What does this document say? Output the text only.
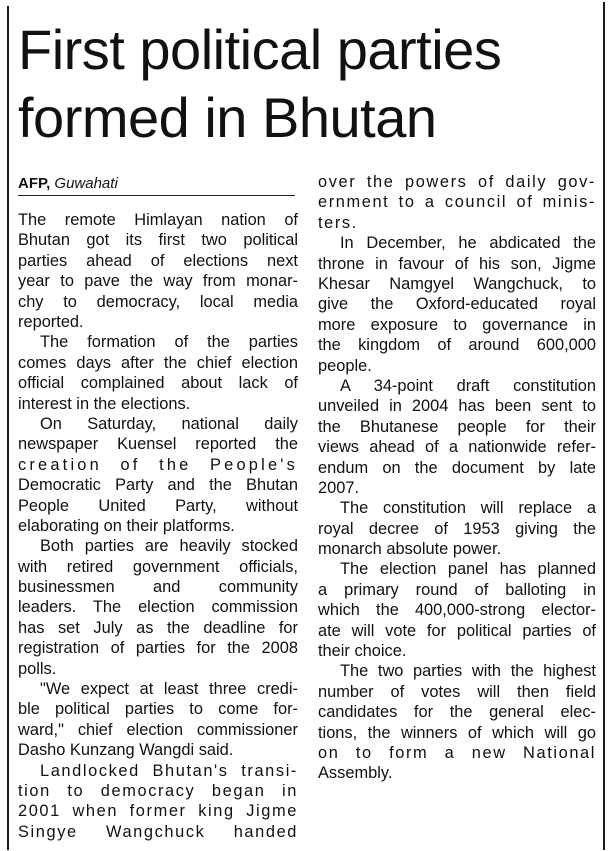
First political parties
formed in Bhutan
AFP, Guwahati
The remote Himlayan nation of
Bhutan got its first two political
parties ahead of elections next
year to pave the way from monar-
chy to democracy, local media
reported.
The formation of the parties
comes days after the chief election
official complained about lack of
interest in the elections.
On Saturday, national daily
newspaper Kuensel reported the
creation of the People's
Democratic Party and the Bhutan
People United Party, without
elaborating on their platforms.
Both parties are heavily stocked
with retired government officials,
businessmen and community
leaders. The election commission
has set July as the deadline for
registration of parties for the 2008
polls.
"We expect at least three credi-
ble political parties to come for-
ward," chief election commissioner
Dasho Kunzang Wangdi said.
Landlocked Bhutan's transi-
tion to democracy began in
2001 when former king Jigme
Singye Wangchuck handed
over the powers of daily gov-
ernment to a council of minis-
ters.
In December, he abdicated the
throne in favour of his son, Jigme
Khesar Namgyel Wangchuck, to
give the Oxford-educated royal
more exposure to governance in
the kingdom of around 600,000
people.
A 34-point draft constitution
unveiled in 2004 has been sent to
the Bhutanese people for their
views ahead of a nationwide refer-
endum on the document by late
2007.
The constitution will replace a
royal decree of 1953 giving the
monarch absolute power.
The election panel has planned
a primary round of balloting in
which the 400,000-strong elector-
ate will vote for political parties of
their choice.
The two parties with the highest
number of votes will then field
candidates for the general elec-
tions, the winners of which will go
on to form a new National
Assembly.
